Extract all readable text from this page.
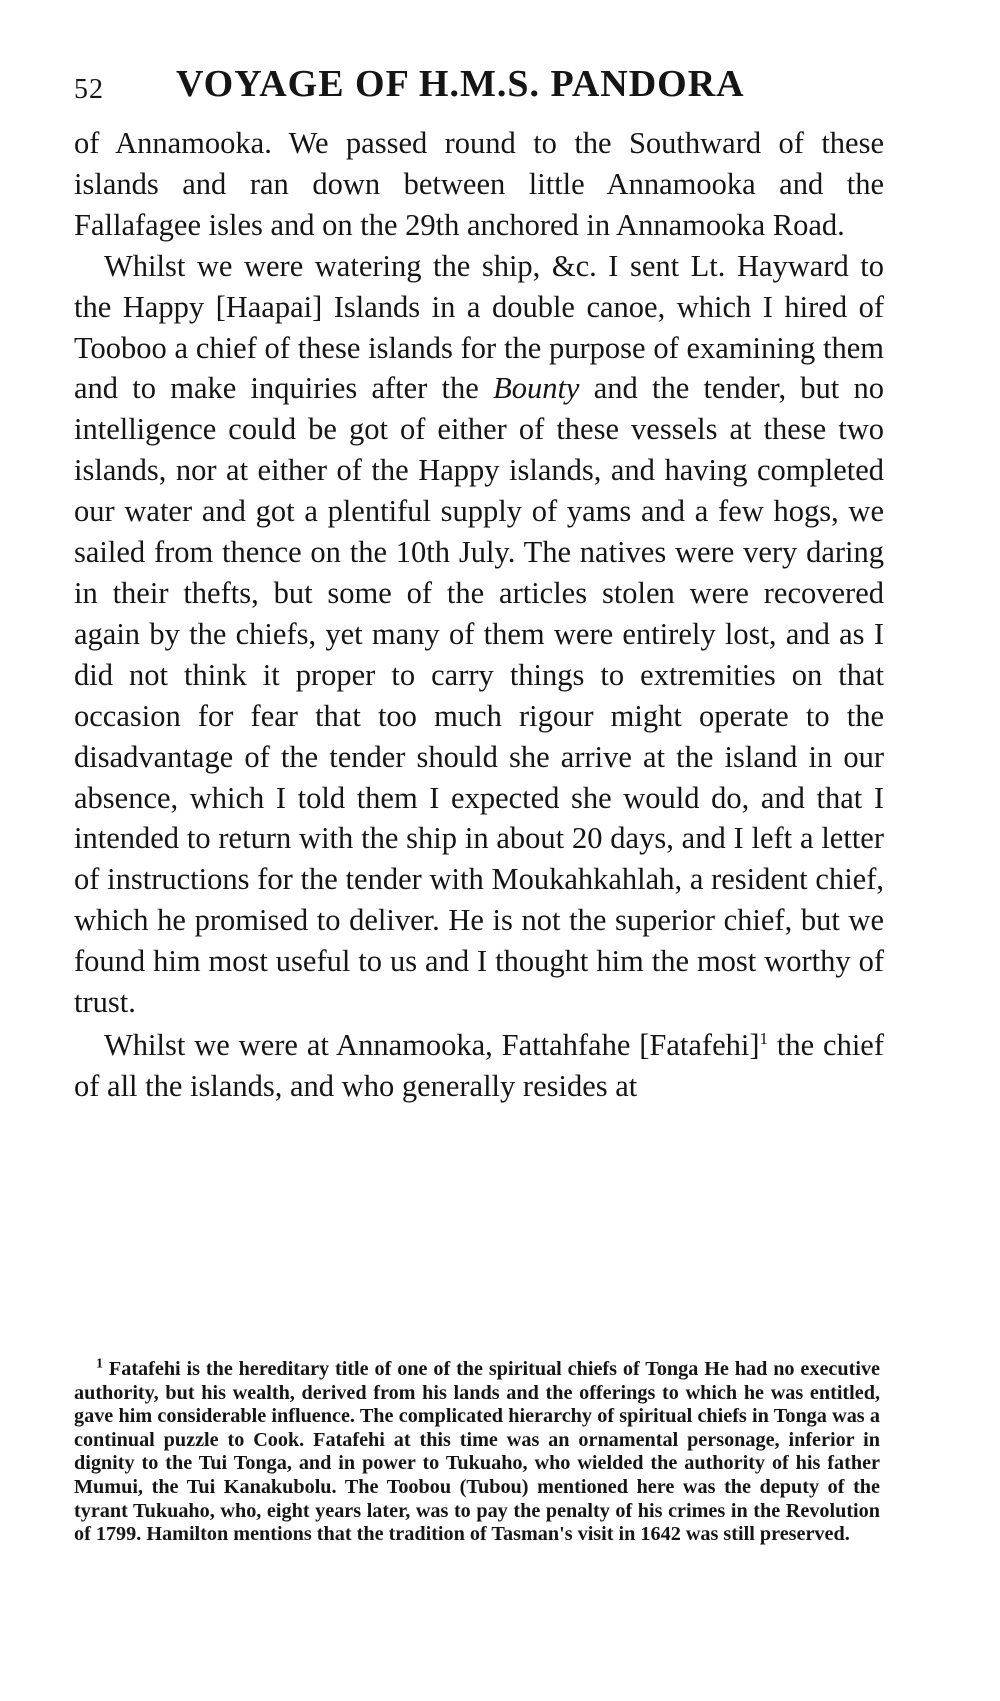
52 VOYAGE OF H.M.S. PANDORA

of Annamooka. We passed round to the Southward of these islands and ran down between little Annamooka and the Fallafagee isles and on the 29th anchored in Annamooka Road.

Whilst we were watering the ship, &c. I sent Lt. Hayward to the Happy [Haapai] Islands in a double canoe, which I hired of Tooboo a chief of these islands for the purpose of examining them and to make inquiries after the Bounty and the tender, but no intelligence could be got of either of these vessels at these two islands, nor at either of the Happy islands, and having completed our water and got a plentiful supply of yams and a few hogs, we sailed from thence on the 10th July. The natives were very daring in their thefts, but some of the articles stolen were recovered again by the chiefs, yet many of them were entirely lost, and as I did not think it proper to carry things to extremities on that occasion for fear that too much rigour might operate to the disadvantage of the tender should she arrive at the island in our absence, which I told them I expected she would do, and that I intended to return with the ship in about 20 days, and I left a letter of instructions for the tender with Moukahkahlah, a resident chief, which he promised to deliver. He is not the superior chief, but we found him most useful to us and I thought him the most worthy of trust.

Whilst we were at Annamooka, Fattahfahe [Fatafehi]$^1$ the chief of all the islands, and who generally resides at

$^1$ Fatafehi is the hereditary title of one of the spiritual chiefs of Tonga He had no executive authority, but his wealth, derived from his lands and the offerings to which he was entitled, gave him considerable influence. The complicated hierarchy of spiritual chiefs in Tonga was a continual puzzle to Cook. Fatafehi at this time was an ornamental personage, inferior in dignity to the Tui Tonga, and in power to Tukuaho, who wielded the authority of his father Mumui, the Tui Kanakubolu. The Toobou (Tubou) mentioned here was the deputy of the tyrant Tukuaho, who, eight years later, was to pay the penalty of his crimes in the Revolution of 1799. Hamilton mentions that the tradition of Tasman's visit in 1642 was still preserved.
